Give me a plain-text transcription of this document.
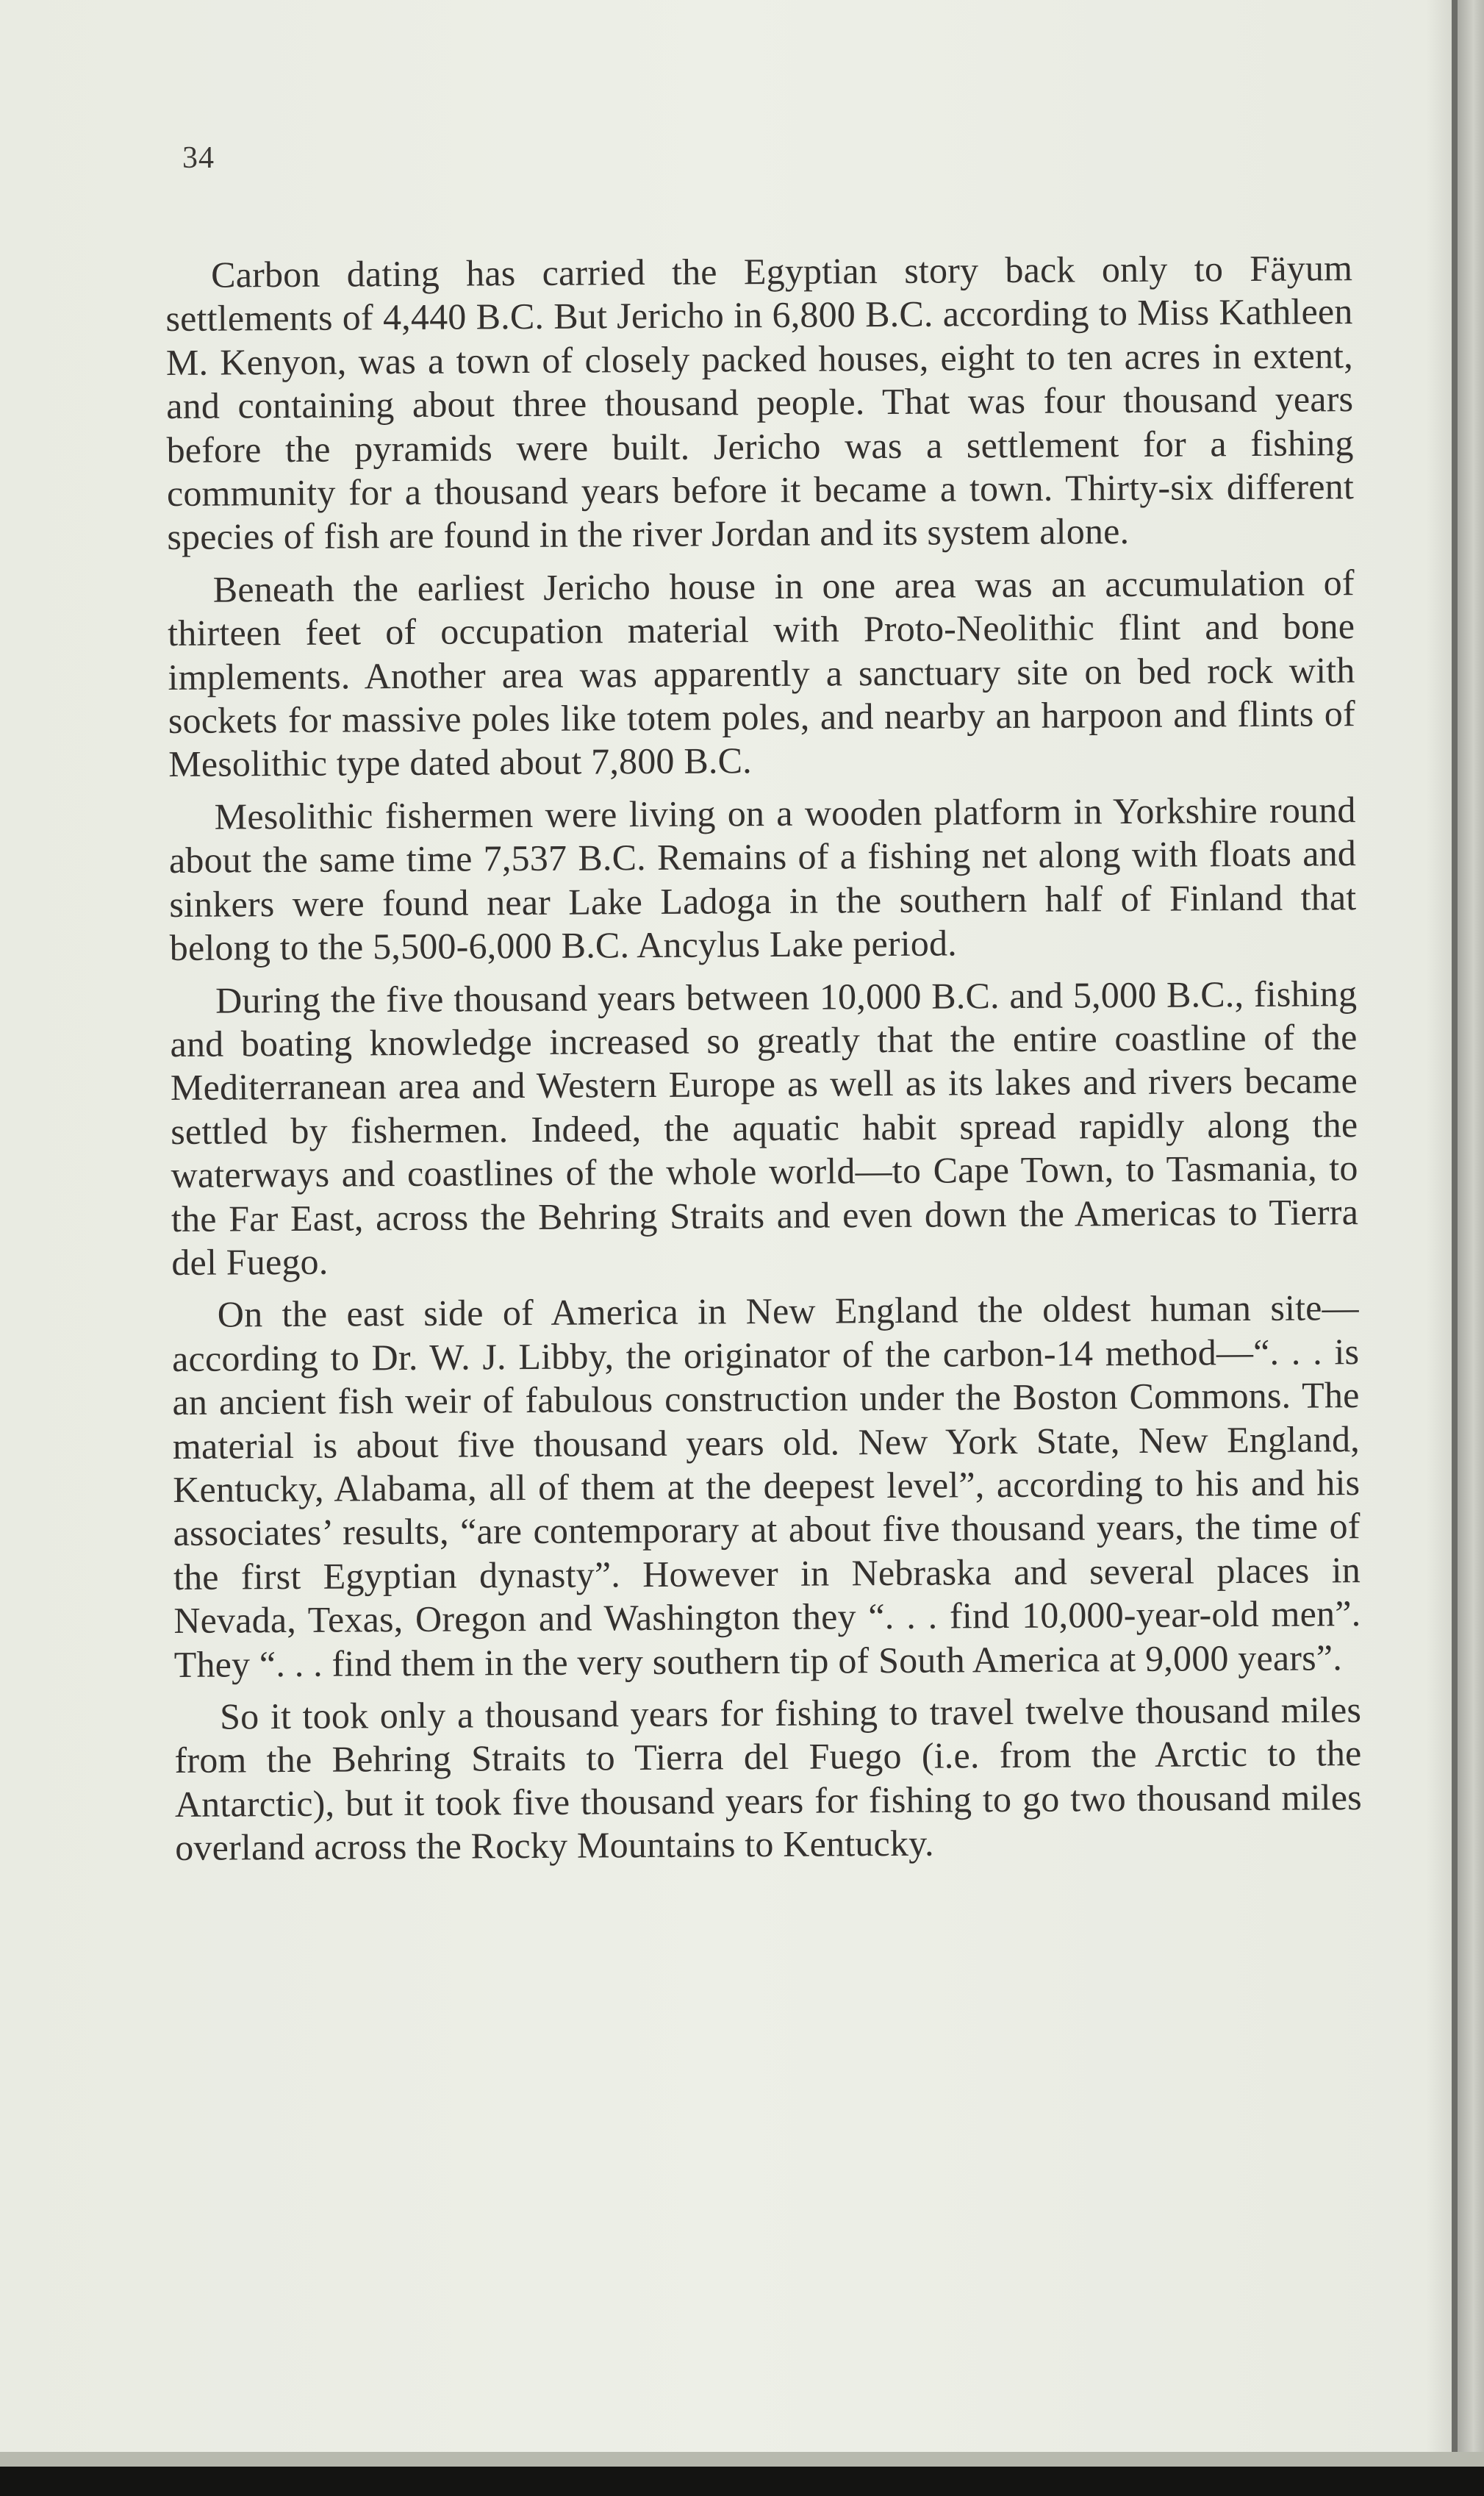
34

Carbon dating has carried the Egyptian story back only to Fäyum settlements of 4,440 B.C. But Jericho in 6,800 B.C. according to Miss Kathleen M. Kenyon, was a town of closely packed houses, eight to ten acres in extent, and containing about three thousand people. That was four thousand years before the pyramids were built. Jericho was a settlement for a fishing community for a thousand years before it became a town. Thirty-six different species of fish are found in the river Jordan and its system alone.

Beneath the earliest Jericho house in one area was an accumulation of thirteen feet of occupation material with Proto-Neolithic flint and bone implements. Another area was apparently a sanctuary site on bed rock with sockets for massive poles like totem poles, and nearby an harpoon and flints of Mesolithic type dated about 7,800 B.C.

Mesolithic fishermen were living on a wooden platform in Yorkshire round about the same time 7,537 B.C. Remains of a fishing net along with floats and sinkers were found near Lake Ladoga in the southern half of Finland that belong to the 5,500-6,000 B.C. Ancylus Lake period.

During the five thousand years between 10,000 B.C. and 5,000 B.C., fishing and boating knowledge increased so greatly that the entire coastline of the Mediterranean area and Western Europe as well as its lakes and rivers became settled by fishermen. Indeed, the aquatic habit spread rapidly along the waterways and coastlines of the whole world—to Cape Town, to Tasmania, to the Far East, across the Behring Straits and even down the Americas to Tierra del Fuego.

On the east side of America in New England the oldest human site—according to Dr. W. J. Libby, the originator of the carbon-14 method—“. . . is an ancient fish weir of fabulous construction under the Boston Commons. The material is about five thousand years old. New York State, New England, Kentucky, Alabama, all of them at the deepest level”, according to his and his associates’ results, “are contemporary at about five thousand years, the time of the first Egyptian dynasty”. However in Nebraska and several places in Nevada, Texas, Oregon and Washington they “. . . find 10,000-year-old men”. They “. . . find them in the very southern tip of South America at 9,000 years”.

So it took only a thousand years for fishing to travel twelve thousand miles from the Behring Straits to Tierra del Fuego (i.e. from the Arctic to the Antarctic), but it took five thousand years for fishing to go two thousand miles overland across the Rocky Mountains to Kentucky.
